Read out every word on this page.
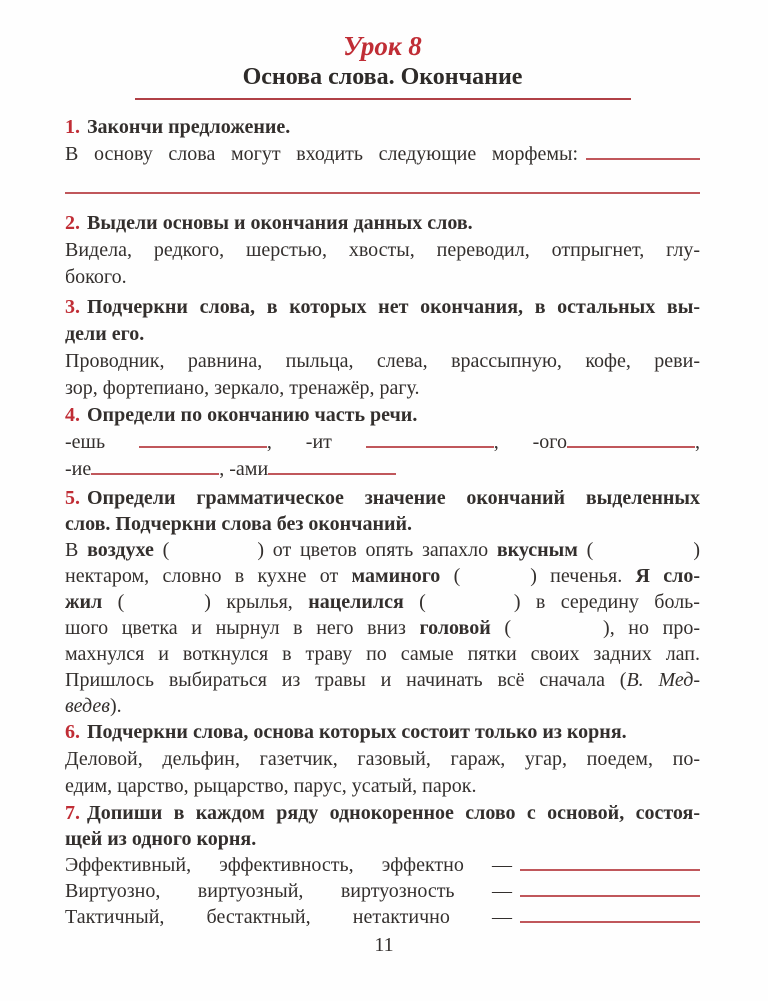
Урок 8
Основа слова. Окончание

1. Закончи предложение.

В основу слова могут входить следующие морфемы:

2. Выдели основы и окончания данных слов.

Видела, редкого, шерстью, хвосты, переводил, отпрыгнет, глу-

бокого.

3. Подчеркни слова, в которых нет окончания, в остальных вы-

дели его.

Проводник, равнина, пыльца, слева, врассыпную, кофе, реви-

зор, фортепиано, зеркало, тренажёр, рагу.

4. Определи по окончанию часть речи.

-ешь	, -ит	, -ого	,

-ие	, -ами

5. Определи грамматическое значение окончаний выделенных

слов. Подчеркни слова без окончаний.

В воздухе (	) от цветов опять запахло вкусным (	)

нектаром, словно в кухне от маминого (	) печенья. Я сло-

жил (	) крылья, нацелился (	) в середину боль-

шого цветка и нырнул в него вниз головой (	), но про-

махнулся и воткнулся в траву по самые пятки своих задних лап.

Пришлось выбираться из травы и начинать всё сначала (В. Мед-

ведев).

6. Подчеркни слова, основа которых состоит только из корня.

Деловой, дельфин, газетчик, газовый, гараж, угар, поедем, по-

едим, царство, рыцарство, парус, усатый, парок.

7. Допиши в каждом ряду однокоренное слово с основой, состоя-

щей из одного корня.

Эффективный, эффективность, эффектно —

Виртуозно, виртуозный, виртуозность —

Тактичный, бестактный, нетактично —

11
